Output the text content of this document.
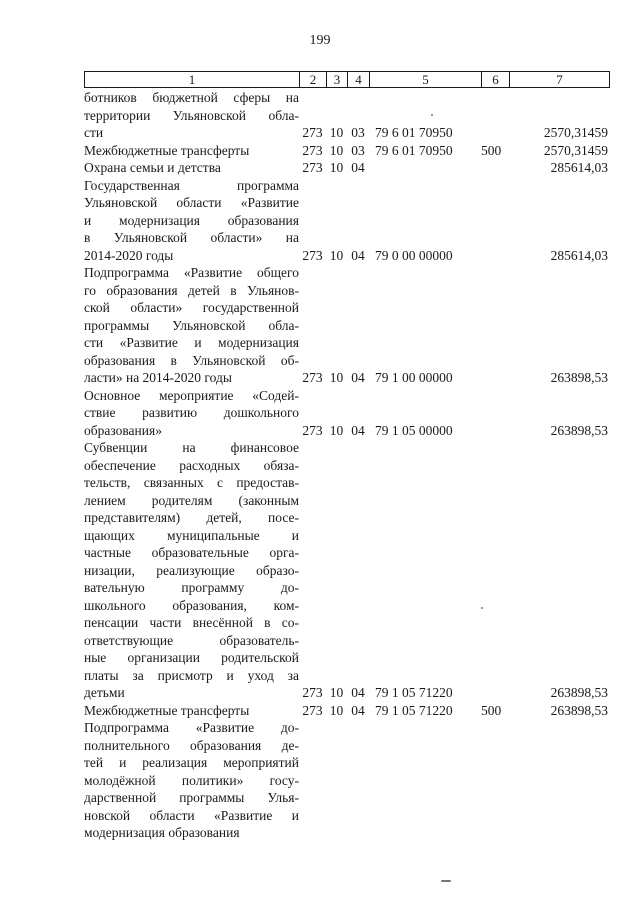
199
1	2	3	4	5	6	7
ботников бюджетной сферы на
территории Ульяновской обла-
сти	273 10 03 79 6 01 70950	2570,31459
Межбюджетные трансферты	273 10 03 79 6 01 70950	500	2570,31459
Охрана семьи и детства	273 10 04	285614,03
Государственная программа
Ульяновской области «Развитие
и модернизация образования
в Ульяновской области» на
2014-2020 годы	273 10 04 79 0 00 00000	285614,03
Подпрограмма «Развитие общего
го образования детей в Ульянов-
ской области» государственной
программы Ульяновской обла-
сти «Развитие и модернизация
образования в Ульяновской об-
ласти» на 2014-2020 годы	273 10 04 79 1 00 00000	263898,53
Основное мероприятие «Содей-
ствие развитию дошкольного
образования»	273 10 04 79 1 05 00000	263898,53
Субвенции на финансовое
обеспечение расходных обяза-
тельств, связанных с предостав-
лением родителям (законным
представителям) детей, посе-
щающих муниципальные и
частные образовательные орга-
низации, реализующие образо-
вательную программу до-
школьного образования, ком-
пенсации части внесённой в со-
ответствующие образователь-
ные организации родительской
платы за присмотр и уход за
детьми	273 10 04 79 1 05 71220	263898,53
Межбюджетные трансферты	273 10 04 79 1 05 71220	500	263898,53
Подпрограмма «Развитие до-
полнительного образования де-
тей и реализация мероприятий
молодёжной политики» госу-
дарственной программы Улья-
новской области «Развитие и
модернизация образования
